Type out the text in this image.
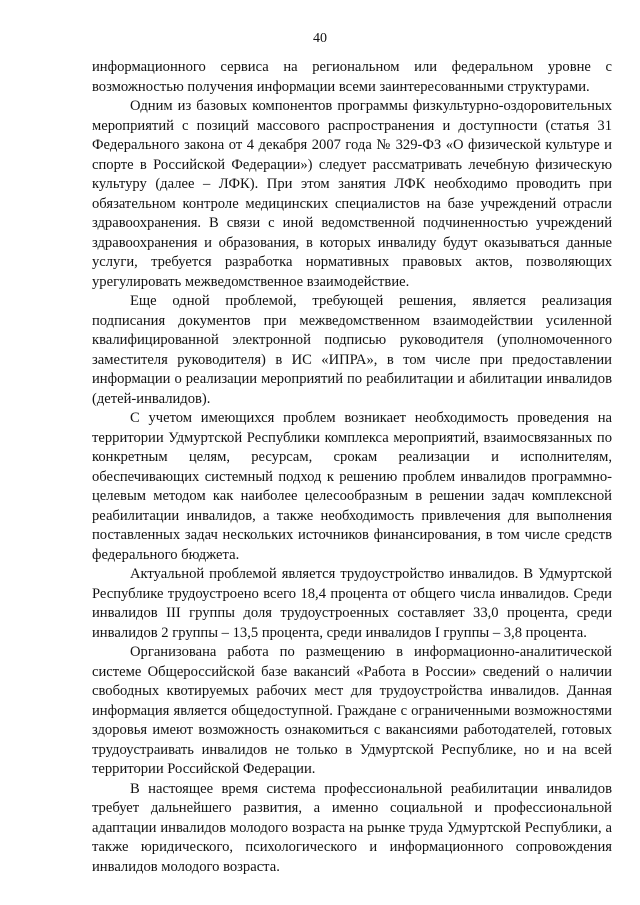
40

информационного сервиса на региональном или федеральном уровне с возможностью получения информации всеми заинтересованными структурами.

Одним из базовых компонентов программы физкультурно-оздоровительных мероприятий с позиций массового распространения и доступности (статья 31 Федерального закона от 4 декабря 2007 года № 329-ФЗ «О физической культуре и спорте в Российской Федерации») следует рассматривать лечебную физическую культуру (далее – ЛФК). При этом занятия ЛФК необходимо проводить при обязательном контроле медицинских специалистов на базе учреждений отрасли здравоохранения. В связи с иной ведомственной подчиненностью учреждений здравоохранения и образования, в которых инвалиду будут оказываться данные услуги, требуется разработка нормативных правовых актов, позволяющих урегулировать межведомственное взаимодействие.

Еще одной проблемой, требующей решения, является реализация подписания документов при межведомственном взаимодействии усиленной квалифицированной электронной подписью руководителя (уполномоченного заместителя руководителя) в ИС «ИПРА», в том числе при предоставлении информации о реализации мероприятий по реабилитации и абилитации инвалидов (детей-инвалидов).

С учетом имеющихся проблем возникает необходимость проведения на территории Удмуртской Республики комплекса мероприятий, взаимосвязанных по конкретным целям, ресурсам, срокам реализации и исполнителям, обеспечивающих системный подход к решению проблем инвалидов программно-целевым методом как наиболее целесообразным в решении задач комплексной реабилитации инвалидов, а также необходимость привлечения для выполнения поставленных задач нескольких источников финансирования, в том числе средств федерального бюджета.

Актуальной проблемой является трудоустройство инвалидов. В Удмуртской Республике трудоустроено всего 18,4 процента от общего числа инвалидов. Среди инвалидов III группы доля трудоустроенных составляет 33,0 процента, среди инвалидов 2 группы – 13,5 процента, среди инвалидов I группы – 3,8 процента.

Организована работа по размещению в информационно-аналитической системе Общероссийской базе вакансий «Работа в России» сведений о наличии свободных квотируемых рабочих мест для трудоустройства инвалидов. Данная информация является общедоступной. Граждане с ограниченными возможностями здоровья имеют возможность ознакомиться с вакансиями работодателей, готовых трудоустраивать инвалидов не только в Удмуртской Республике, но и на всей территории Российской Федерации.

В настоящее время система профессиональной реабилитации инвалидов требует дальнейшего развития, а именно социальной и профессиональной адаптации инвалидов молодого возраста на рынке труда Удмуртской Республики, а также юридического, психологического и информационного сопровождения инвалидов молодого возраста.
